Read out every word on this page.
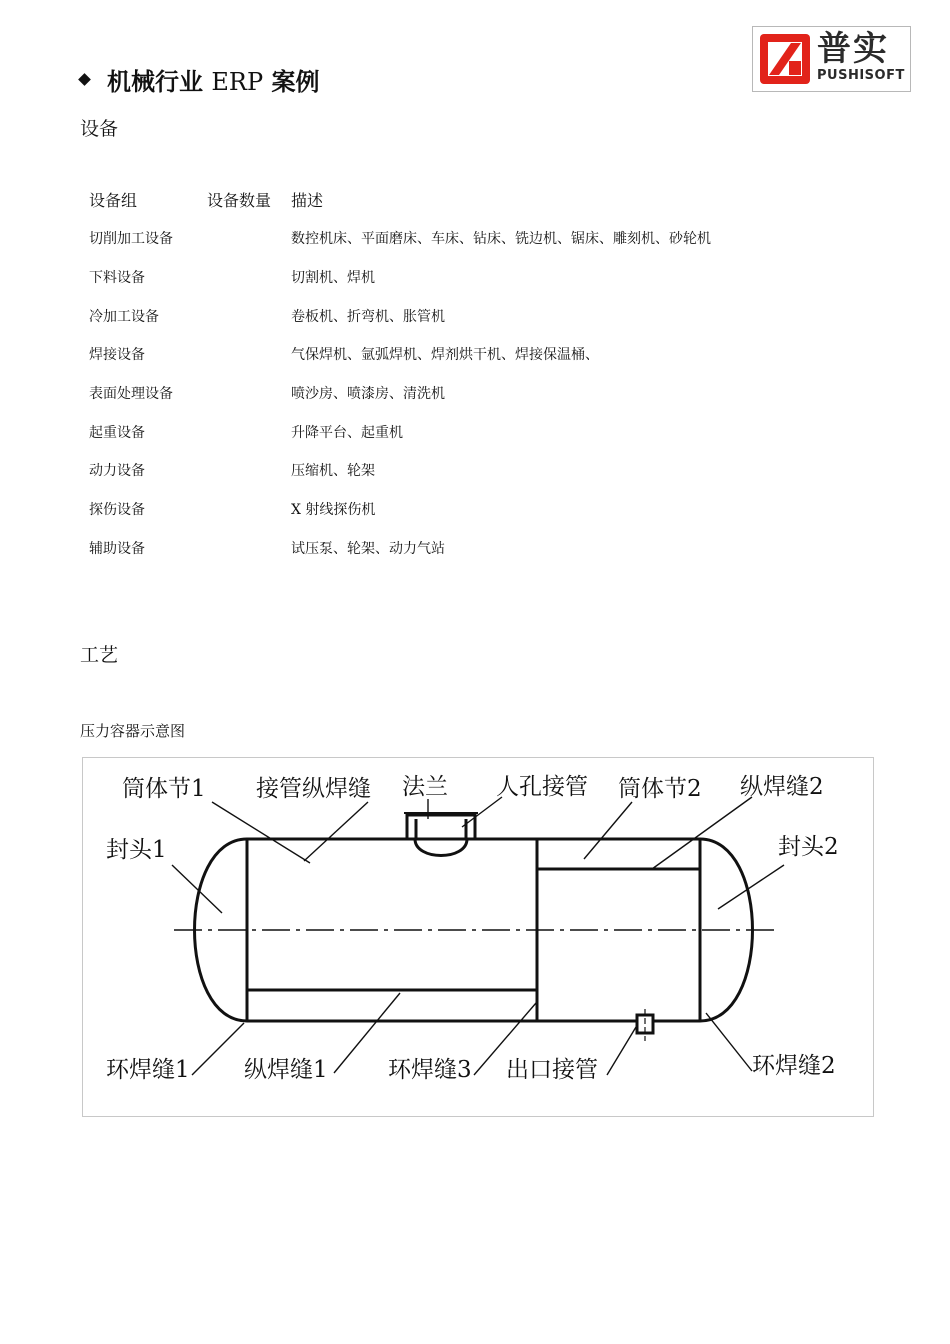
普实
PUSHISOFT
机械行业 ERP 案例
设备
设备组	设备数量	描述
切削加工设备		数控机床、平面磨床、车床、钻床、铣边机、锯床、雕刻机、砂轮机
下料设备		切割机、焊机
冷加工设备		卷板机、折弯机、胀管机
焊接设备		气保焊机、氩弧焊机、焊剂烘干机、焊接保温桶、
表面处理设备		喷沙房、喷漆房、清洗机
起重设备		升降平台、起重机
动力设备		压缩机、轮架
探伤设备		X 射线探伤机
辅助设备		试压泵、轮架、动力气站
工艺
压力容器示意图
筒体节1 接管纵焊缝 法兰 人孔接管 筒体节2 纵焊缝2
封头1	封头2
环焊缝1 纵焊缝1	环焊缝3 出口接管	环焊缝2
